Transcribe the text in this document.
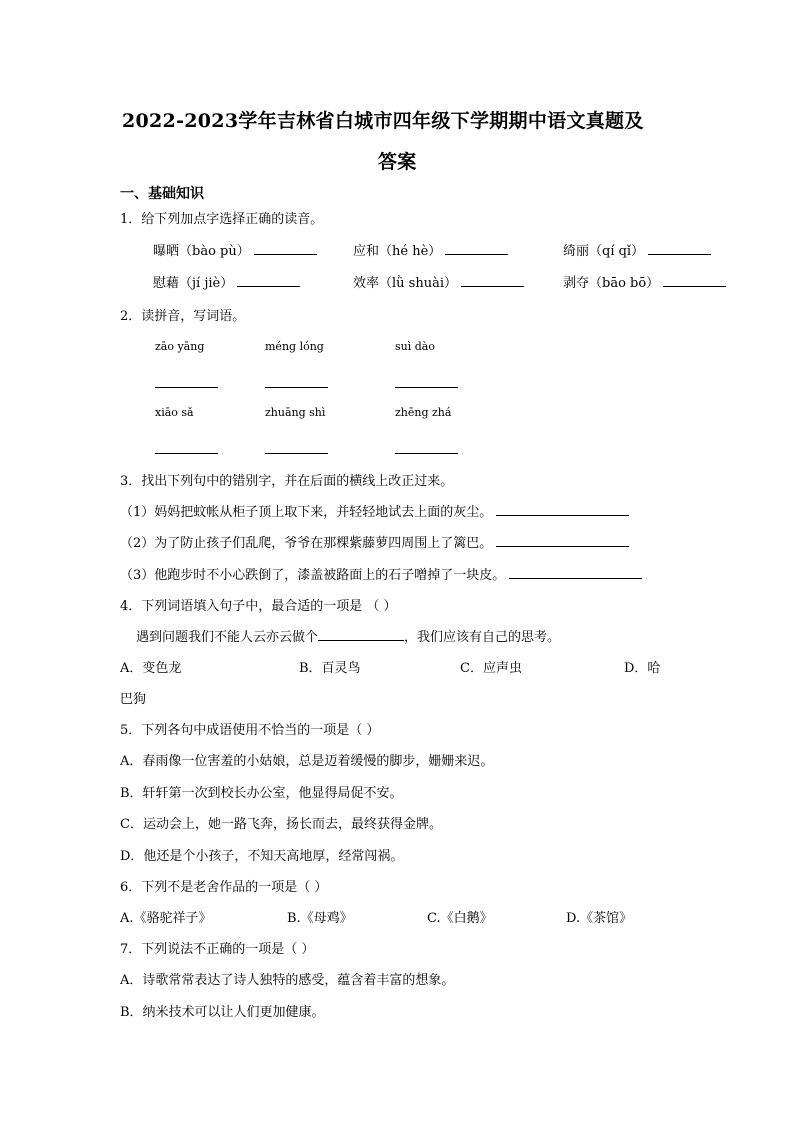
2022-2023学年吉林省白城市四年级下学期期中语文真题及
答案
一、基础知识
1．给下列加点字选择正确的读音。
曝晒（bào pù）	应和（hé hè）	绮丽（qí qǐ）
慰藉（jí jiè）	效率（lǜ shuài）	剥夺（bāo bō）
2．读拼音，写词语。
zāo yāng	méng lóng	suì dào
xiāo sǎ	zhuāng shì	zhēng zhá
3．找出下列句中的错别字，并在后面的横线上改正过来。
（1）妈妈把蚊帐从柜子顶上取下来，并轻轻地试去上面的灰尘。
（2）为了防止孩子们乱爬，爷爷在那棵紫藤萝四周围上了篱巴。
（3）他跑步时不小心跌倒了，漆盖被路面上的石子噌掉了一块皮。
4．下列词语填入句子中，最合适的一项是 （ ）
遇到问题我们不能人云亦云做个	，我们应该有自己的思考。
A．变色龙	B．百灵鸟	C．应声虫	D．哈
巴狗
5．下列各句中成语使用不恰当的一项是（ ）
A．春雨像一位害羞的小姑娘，总是迈着缓慢的脚步，姗姗来迟。
B．轩轩第一次到校长办公室，他显得局促不安。
C．运动会上，她一路飞奔，扬长而去，最终获得金牌。
D．他还是个小孩子，不知天高地厚，经常闯祸。
6．下列不是老舍作品的一项是（ ）
A.《骆驼祥子》	B.《母鸡》	C.《白鹅》	D.《茶馆》
7．下列说法不正确的一项是（ ）
A．诗歌常常表达了诗人独特的感受，蕴含着丰富的想象。
B．纳米技术可以让人们更加健康。
